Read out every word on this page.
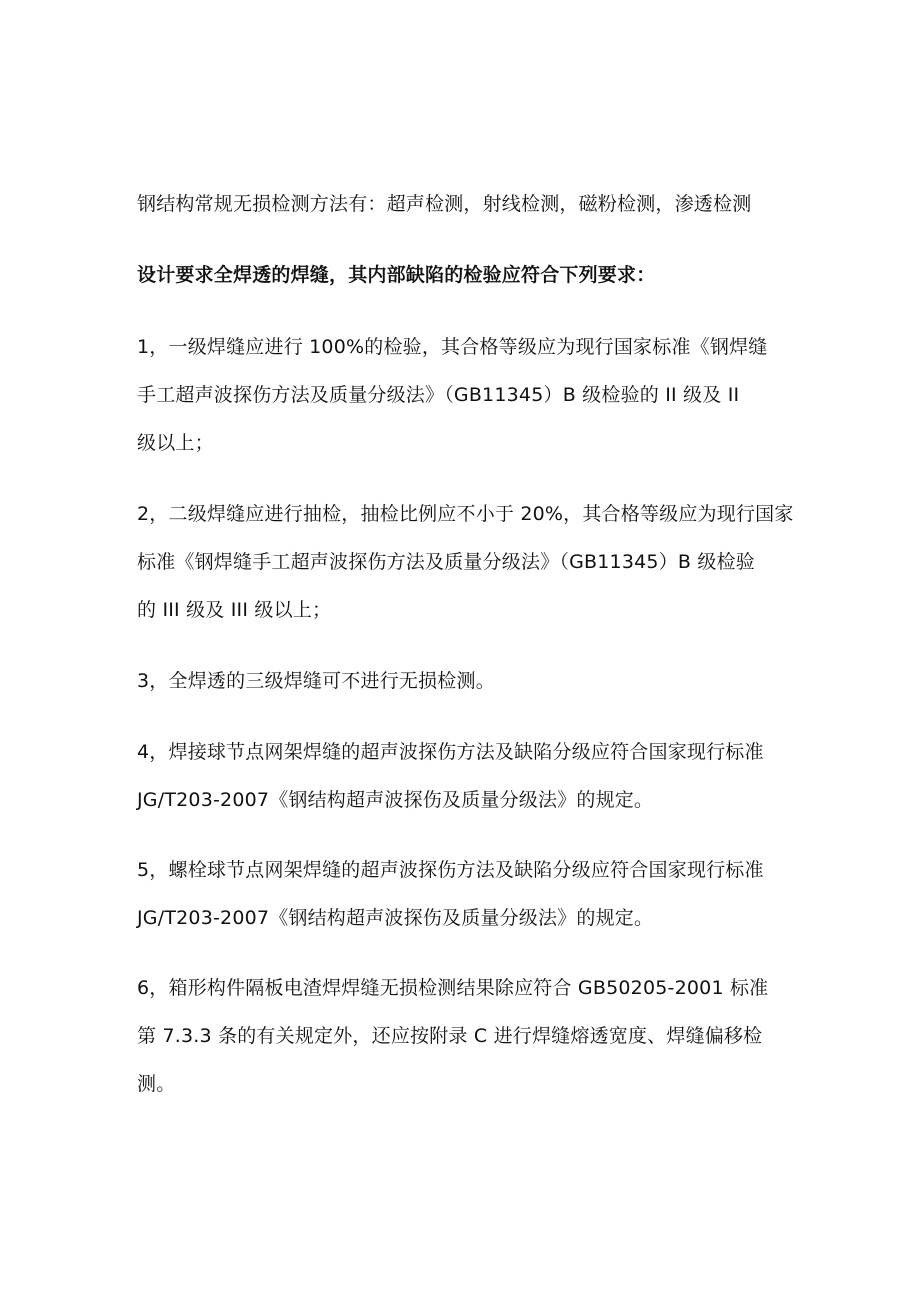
钢结构常规无损检测方法有：超声检测，射线检测，磁粉检测，渗透检测
设计要求全焊透的焊缝，其内部缺陷的检验应符合下列要求：
1，一级焊缝应进行 100%的检验，其合格等级应为现行国家标准《钢焊缝
手工超声波探伤方法及质量分级法》（GB11345）B 级检验的 II 级及 II
级以上；
2，二级焊缝应进行抽检，抽检比例应不小于 20%，其合格等级应为现行国家
标准《钢焊缝手工超声波探伤方法及质量分级法》（GB11345）B 级检验
的 III 级及 III 级以上；
3，全焊透的三级焊缝可不进行无损检测。
4，焊接球节点网架焊缝的超声波探伤方法及缺陷分级应符合国家现行标准
JG/T203-2007《钢结构超声波探伤及质量分级法》的规定。
5，螺栓球节点网架焊缝的超声波探伤方法及缺陷分级应符合国家现行标准
JG/T203-2007《钢结构超声波探伤及质量分级法》的规定。
6，箱形构件隔板电渣焊焊缝无损检测结果除应符合 GB50205-2001 标准
第 7.3.3 条的有关规定外，还应按附录 C 进行焊缝熔透宽度、焊缝偏移检
测。
